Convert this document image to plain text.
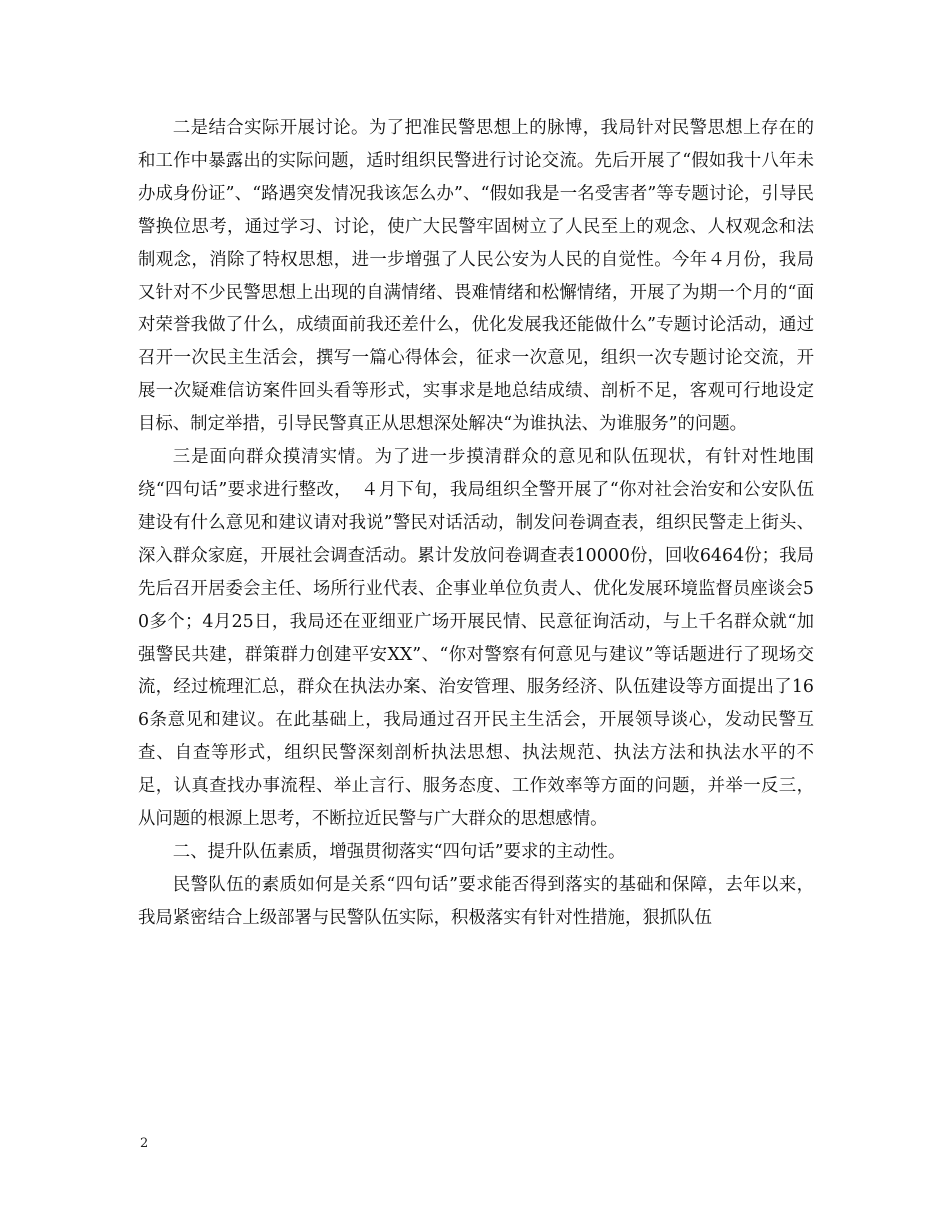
二是结合实际开展讨论。为了把准民警思想上的脉博，我局针对民警思想上存在的和工作中暴露出的实际问题，适时组织民警进行讨论交流。先后开展了“假如我十八年未办成身份证”、“路遇突发情况我该怎么办”、“假如我是一名受害者”等专题讨论，引导民警换位思考，通过学习、讨论，使广大民警牢固树立了人民至上的观念、人权观念和法制观念，消除了特权思想，进一步增强了人民公安为人民的自觉性。今年４月份，我局又针对不少民警思想上出现的自满情绪、畏难情绪和松懈情绪，开展了为期一个月的“面对荣誉我做了什么，成绩面前我还差什么，优化发展我还能做什么”专题讨论活动，通过召开一次民主生活会，撰写一篇心得体会，征求一次意见，组织一次专题讨论交流，开展一次疑难信访案件回头看等形式，实事求是地总结成绩、剖析不足，客观可行地设定目标、制定举措，引导民警真正从思想深处解决“为谁执法、为谁服务”的问题。

三是面向群众摸清实情。为了进一步摸清群众的意见和队伍现状，有针对性地围绕“四句话”要求进行整改，　４月下旬，我局组织全警开展了“你对社会治安和公安队伍建设有什么意见和建议请对我说”警民对话活动，制发问卷调查表，组织民警走上街头、深入群众家庭，开展社会调查活动。累计发放问卷调查表10000份，回收6464份；我局先后召开居委会主任、场所行业代表、企事业单位负责人、优化发展环境监督员座谈会50多个；4月25日，我局还在亚细亚广场开展民情、民意征询活动，与上千名群众就“加强警民共建，群策群力创建平安XX”、“你对警察有何意见与建议”等话题进行了现场交流，经过梳理汇总，群众在执法办案、治安管理、服务经济、队伍建设等方面提出了166条意见和建议。在此基础上，我局通过召开民主生活会，开展领导谈心，发动民警互查、自查等形式，组织民警深刻剖析执法思想、执法规范、执法方法和执法水平的不足，认真查找办事流程、举止言行、服务态度、工作效率等方面的问题，并举一反三，从问题的根源上思考，不断拉近民警与广大群众的思想感情。

二、提升队伍素质，增强贯彻落实“四句话”要求的主动性。

民警队伍的素质如何是关系“四句话”要求能否得到落实的基础和保障，去年以来，我局紧密结合上级部署与民警队伍实际，积极落实有针对性措施，狠抓队伍

2
